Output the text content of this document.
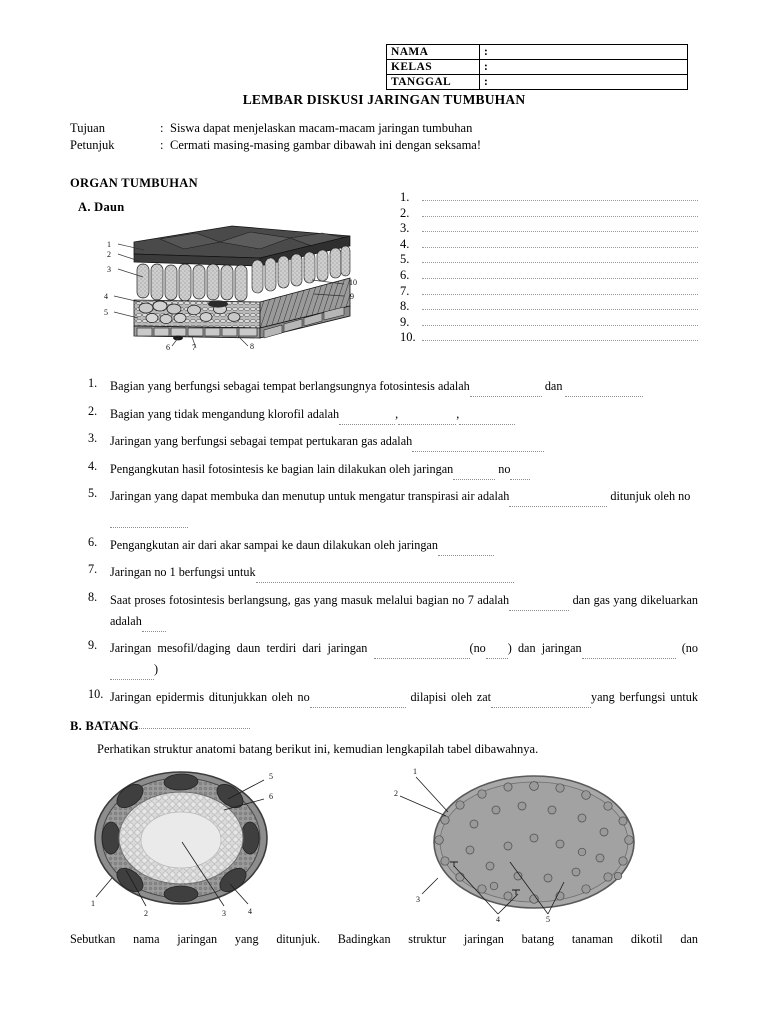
NAMA	:
KELAS	:
TANGGAL	:
LEMBAR DISKUSI JARINGAN TUMBUHAN
Tujuan	: Siswa dapat menjelaskan macam-macam jaringan tumbuhan
Petunjuk	: Cermati masing-masing gambar dibawah ini dengan seksama!
ORGAN TUMBUHAN
A. Daun
1.
2.
3.
4.
5.
6.
7.
8.
9.
10.
1
2
3
4
5
6	7	8
9
10
1.	Bagian yang berfungsi sebagai tempat berlangsungnya fotosintesis adalah	dan
2.	Bagian yang tidak mengandung klorofil adalah	,	,
3.	Jaringan yang berfungsi sebagai tempat pertukaran gas adalah
4.	Pengangkutan hasil fotosintesis ke bagian lain dilakukan oleh jaringan	no
5.	Jaringan yang dapat membuka dan menutup untuk mengatur transpirasi air adalah	ditunjuk oleh no
6.	Pengangkutan air dari akar sampai ke daun dilakukan oleh jaringan
7.	Jaringan no 1 berfungsi untuk
8.	Saat proses fotosintesis berlangsung, gas yang masuk melalui bagian no 7 adalah	dan gas yang dikeluarkan adalah
9.	Jaringan mesofil/daging daun terdiri dari jaringan	(no ) dan jaringan	(no)
10. Jaringan epidermis ditunjukkan oleh no	dilapisi oleh zat	yang berfungsi untuk
B. BATANG
Perhatikan struktur anatomi batang berikut ini, kemudian lengkapilah tabel dibawahnya.
1
2	3	4
5
6
1
2
3
4	5
Sebutkan nama jaringan yang ditunjuk. Badingkan struktur jaringan batang tanaman dikotil dan
